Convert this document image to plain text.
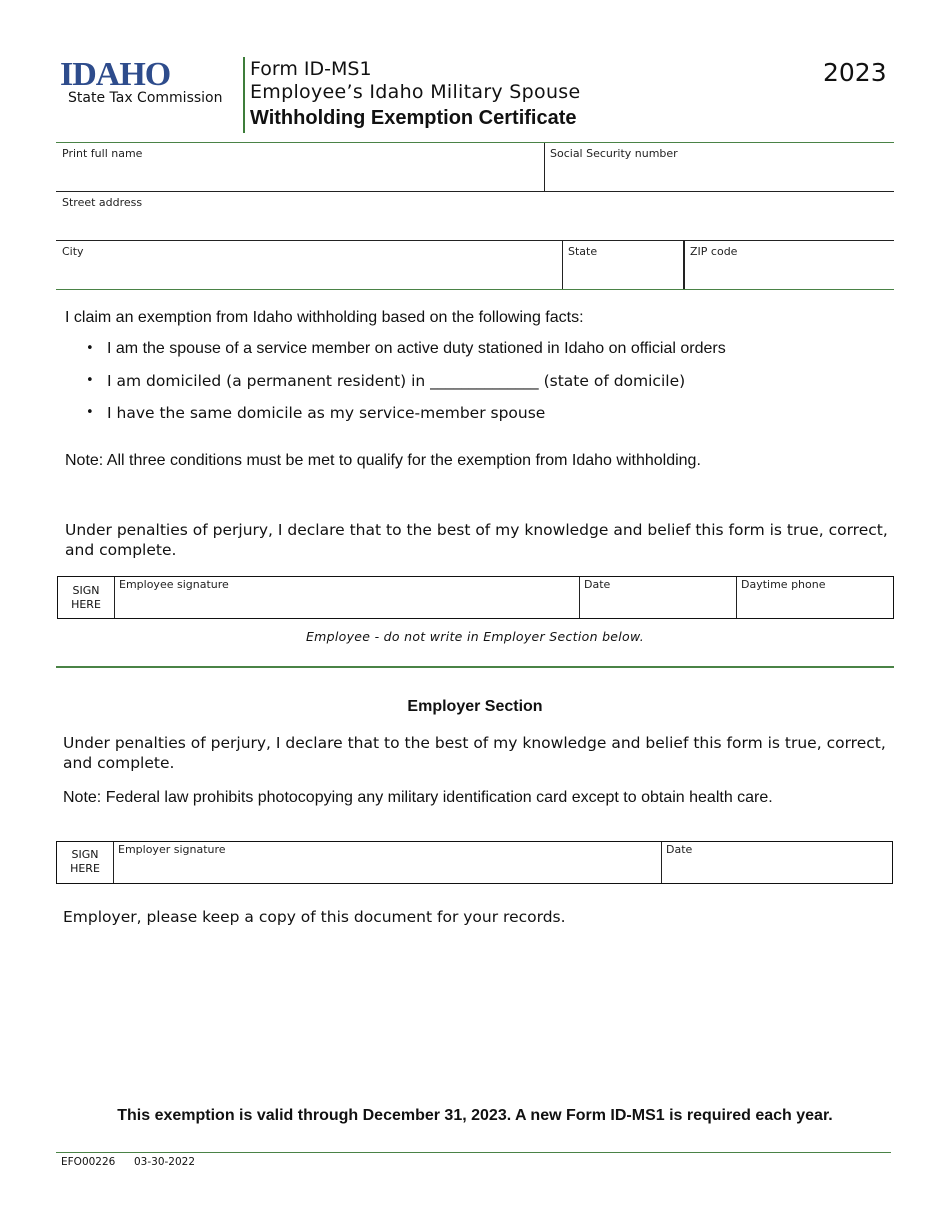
IDAHO
State Tax Commission
Form ID-MS1
Employee’s Idaho Military Spouse
Withholding Exemption Certificate
2023
Print full name	Social Security number
Street address
City	State	ZIP code
I claim an exemption from Idaho withholding based on the following facts:
• I am the spouse of a service member on active duty stationed in Idaho on official orders
• I am domiciled (a permanent resident) in ______________ (state of domicile)
• I have the same domicile as my service-member spouse
Note: All three conditions must be met to qualify for the exemption from Idaho withholding.
Under penalties of perjury, I declare that to the best of my knowledge and belief this form is true, correct, and complete.
SIGN
HERE
Employee signature	Date	Daytime phone
Employee - do not write in Employer Section below.
Employer Section
Under penalties of perjury, I declare that to the best of my knowledge and belief this form is true, correct, and complete.
Note: Federal law prohibits photocopying any military identification card except to obtain health care.
SIGN
HERE
Employer signature	Date
Employer, please keep a copy of this document for your records.
This exemption is valid through December 31, 2023. A new Form ID-MS1 is required each year.
EFO00226 03-30-2022
